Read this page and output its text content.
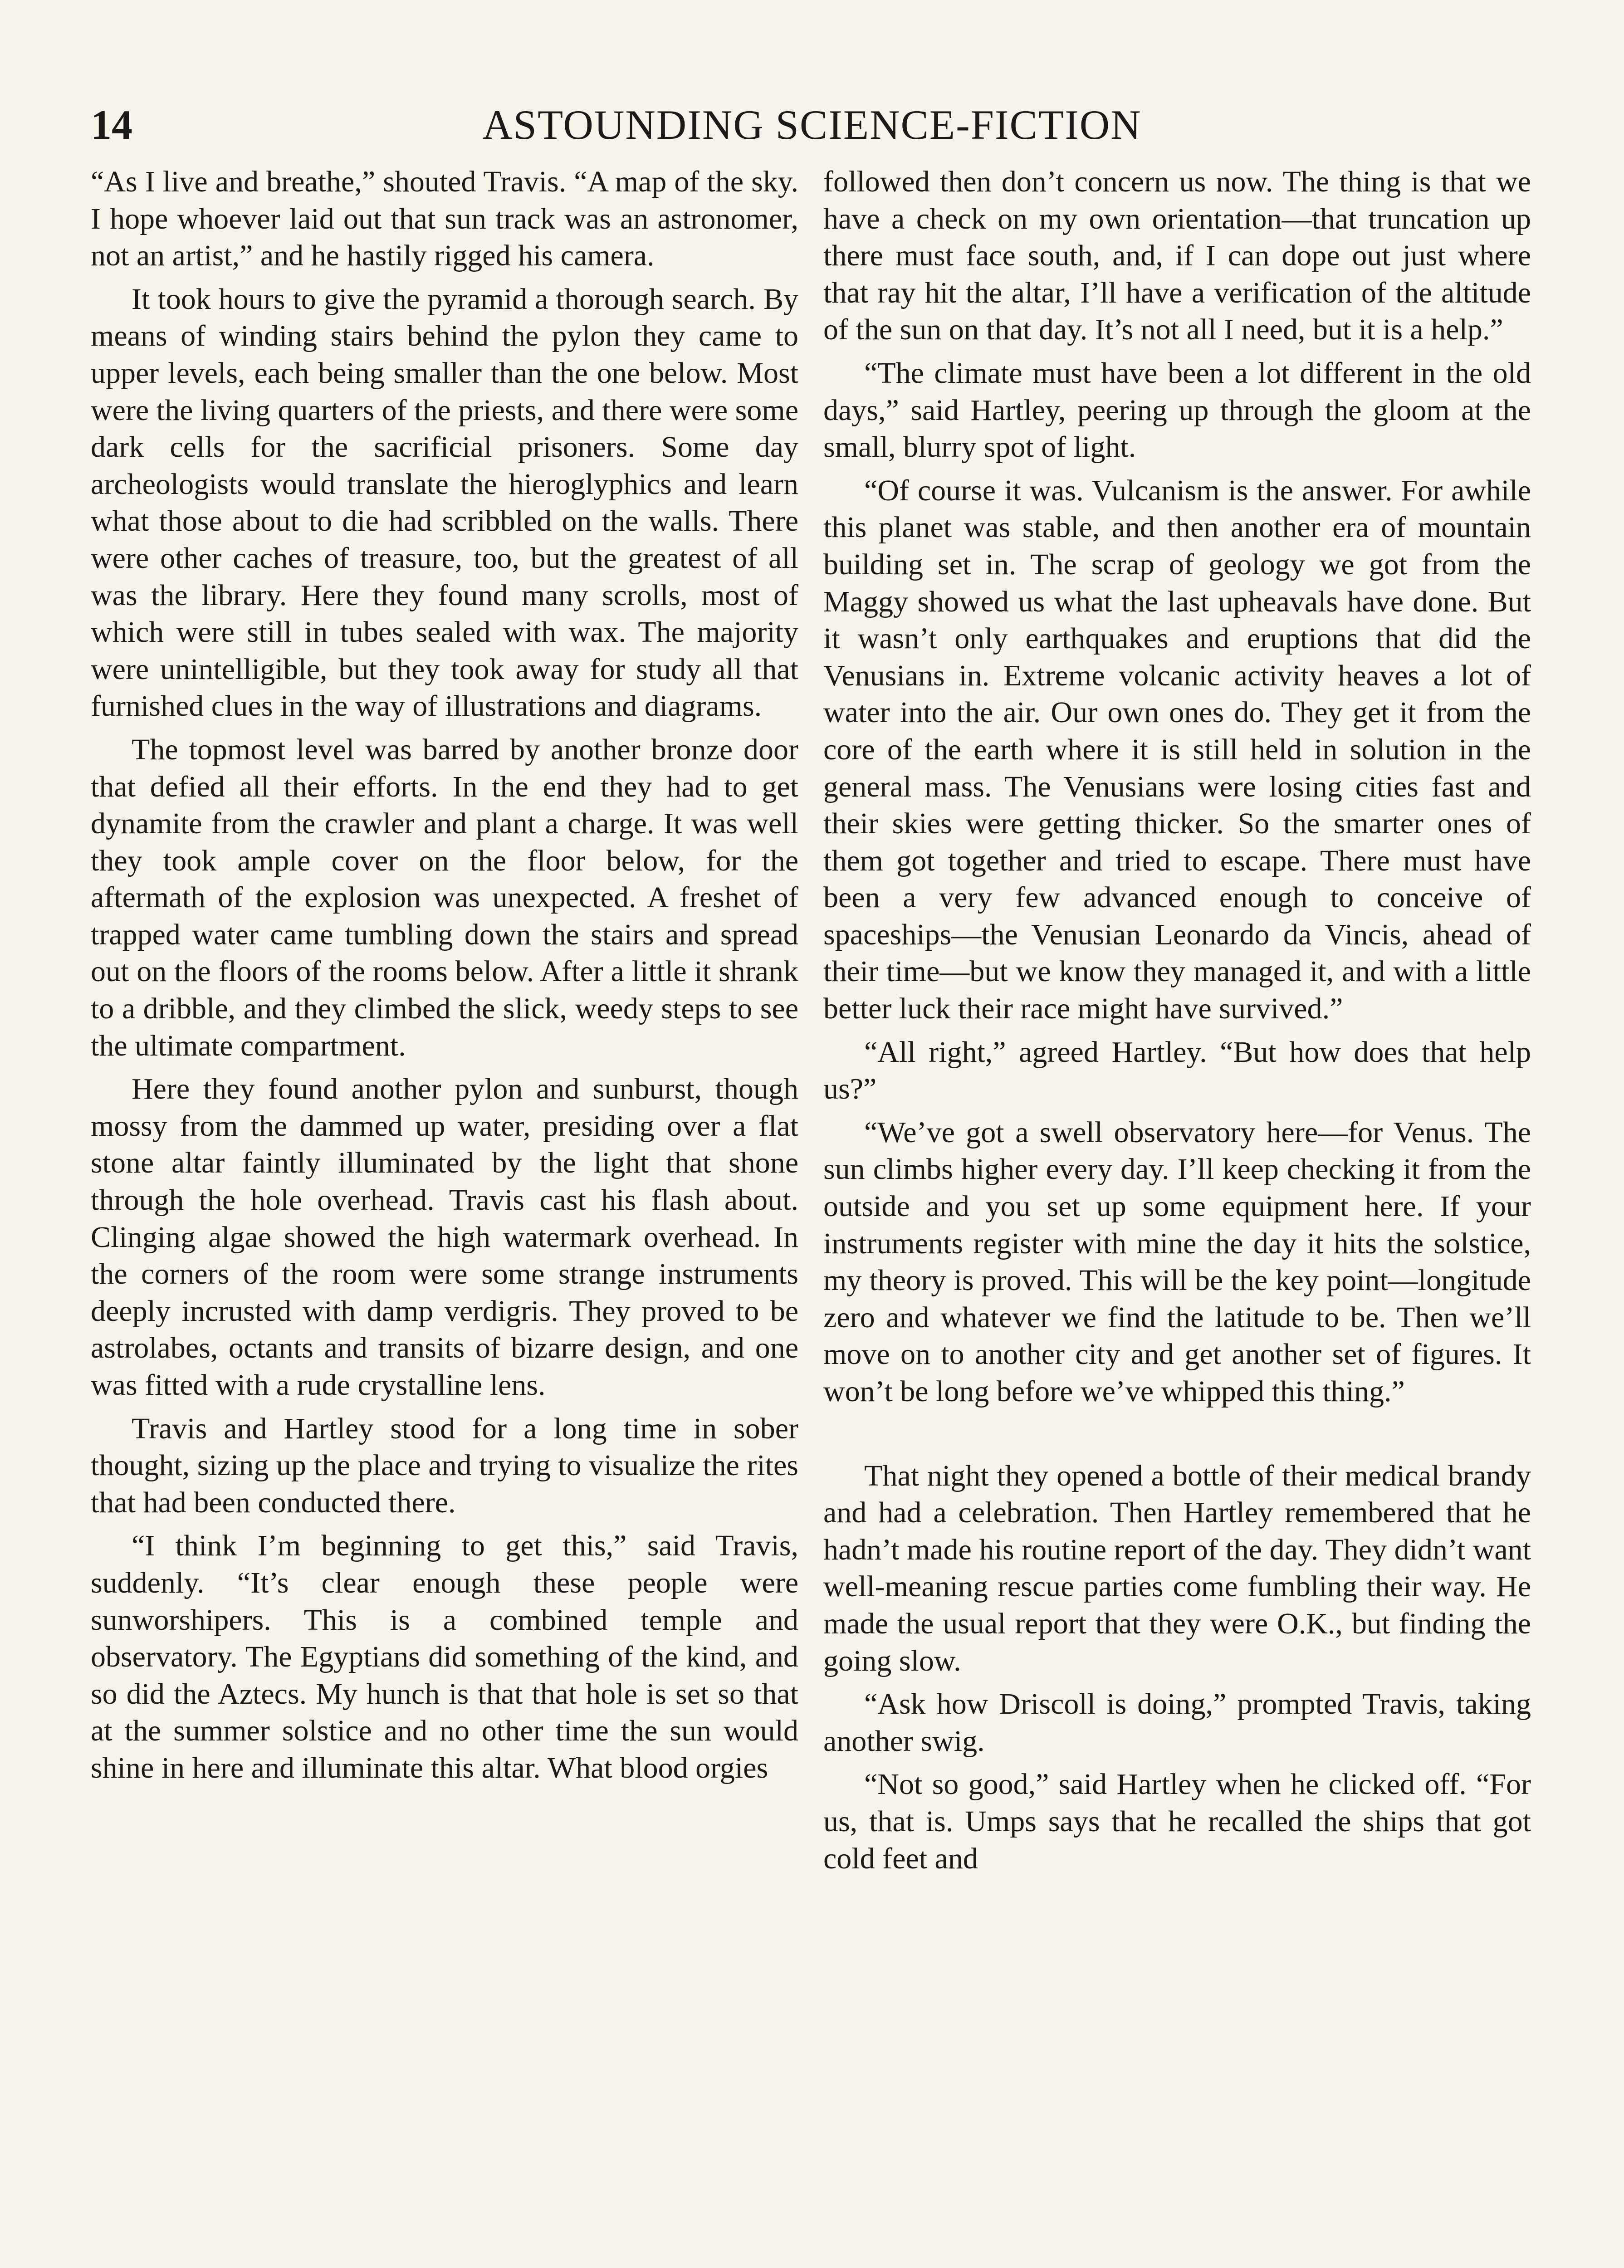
14	ASTOUNDING SCIENCE-FICTION

“As I live and breathe,” shouted Travis. “A map of the sky. I hope whoever laid out that sun track was an astronomer, not an artist,” and he hastily rigged his camera.

It took hours to give the pyramid a thorough search. By means of winding stairs behind the pylon they came to upper levels, each being smaller than the one below. Most were the living quarters of the priests, and there were some dark cells for the sacrificial prisoners. Some day archeologists would translate the hieroglyphics and learn what those about to die had scribbled on the walls. There were other caches of treasure, too, but the greatest of all was the library. Here they found many scrolls, most of which were still in tubes sealed with wax. The majority were unintelligible, but they took away for study all that furnished clues in the way of illustrations and diagrams.

The topmost level was barred by another bronze door that defied all their efforts. In the end they had to get dynamite from the crawler and plant a charge. It was well they took ample cover on the floor below, for the aftermath of the explosion was unexpected. A freshet of trapped water came tumbling down the stairs and spread out on the floors of the rooms below. After a little it shrank to a dribble, and they climbed the slick, weedy steps to see the ultimate compartment.

Here they found another pylon and sunburst, though mossy from the dammed up water, presiding over a flat stone altar faintly illuminated by the light that shone through the hole overhead. Travis cast his flash about. Clinging algae showed the high watermark overhead. In the corners of the room were some strange instruments deeply incrusted with damp verdigris. They proved to be astrolabes, octants and transits of bizarre design, and one was fitted with a rude crystalline lens.

Travis and Hartley stood for a long time in sober thought, sizing up the place and trying to visualize the rites that had been conducted there.

“I think I’m beginning to get this,” said Travis, suddenly. “It’s clear enough these people were sunworshipers. This is a combined temple and observatory. The Egyptians did something of the kind, and so did the Aztecs. My hunch is that that hole is set so that at the summer solstice and no other time the sun would shine in here and illuminate this altar. What blood orgies

followed then don’t concern us now. The thing is that we have a check on my own orientation—that truncation up there must face south, and, if I can dope out just where that ray hit the altar, I’ll have a verification of the altitude of the sun on that day. It’s not all I need, but it is a help.”

“The climate must have been a lot different in the old days,” said Hartley, peering up through the gloom at the small, blurry spot of light.

“Of course it was. Vulcanism is the answer. For awhile this planet was stable, and then another era of mountain building set in. The scrap of geology we got from the Maggy showed us what the last upheavals have done. But it wasn’t only earthquakes and eruptions that did the Venusians in. Extreme volcanic activity heaves a lot of water into the air. Our own ones do. They get it from the core of the earth where it is still held in solution in the general mass. The Venusians were losing cities fast and their skies were getting thicker. So the smarter ones of them got together and tried to escape. There must have been a very few advanced enough to conceive of spaceships—the Venusian Leonardo da Vincis, ahead of their time—but we know they managed it, and with a little better luck their race might have survived.”

“All right,” agreed Hartley. “But how does that help us?”

“We’ve got a swell observatory here—for Venus. The sun climbs higher every day. I’ll keep checking it from the outside and you set up some equipment here. If your instruments register with mine the day it hits the solstice, my theory is proved. This will be the key point—longitude zero and whatever we find the latitude to be. Then we’ll move on to another city and get another set of figures. It won’t be long before we’ve whipped this thing.”

That night they opened a bottle of their medical brandy and had a celebration. Then Hartley remembered that he hadn’t made his routine report of the day. They didn’t want well-meaning rescue parties come fumbling their way. He made the usual report that they were O.K., but finding the going slow.

“Ask how Driscoll is doing,” prompted Travis, taking another swig.

“Not so good,” said Hartley when he clicked off. “For us, that is. Umps says that he recalled the ships that got cold feet and
